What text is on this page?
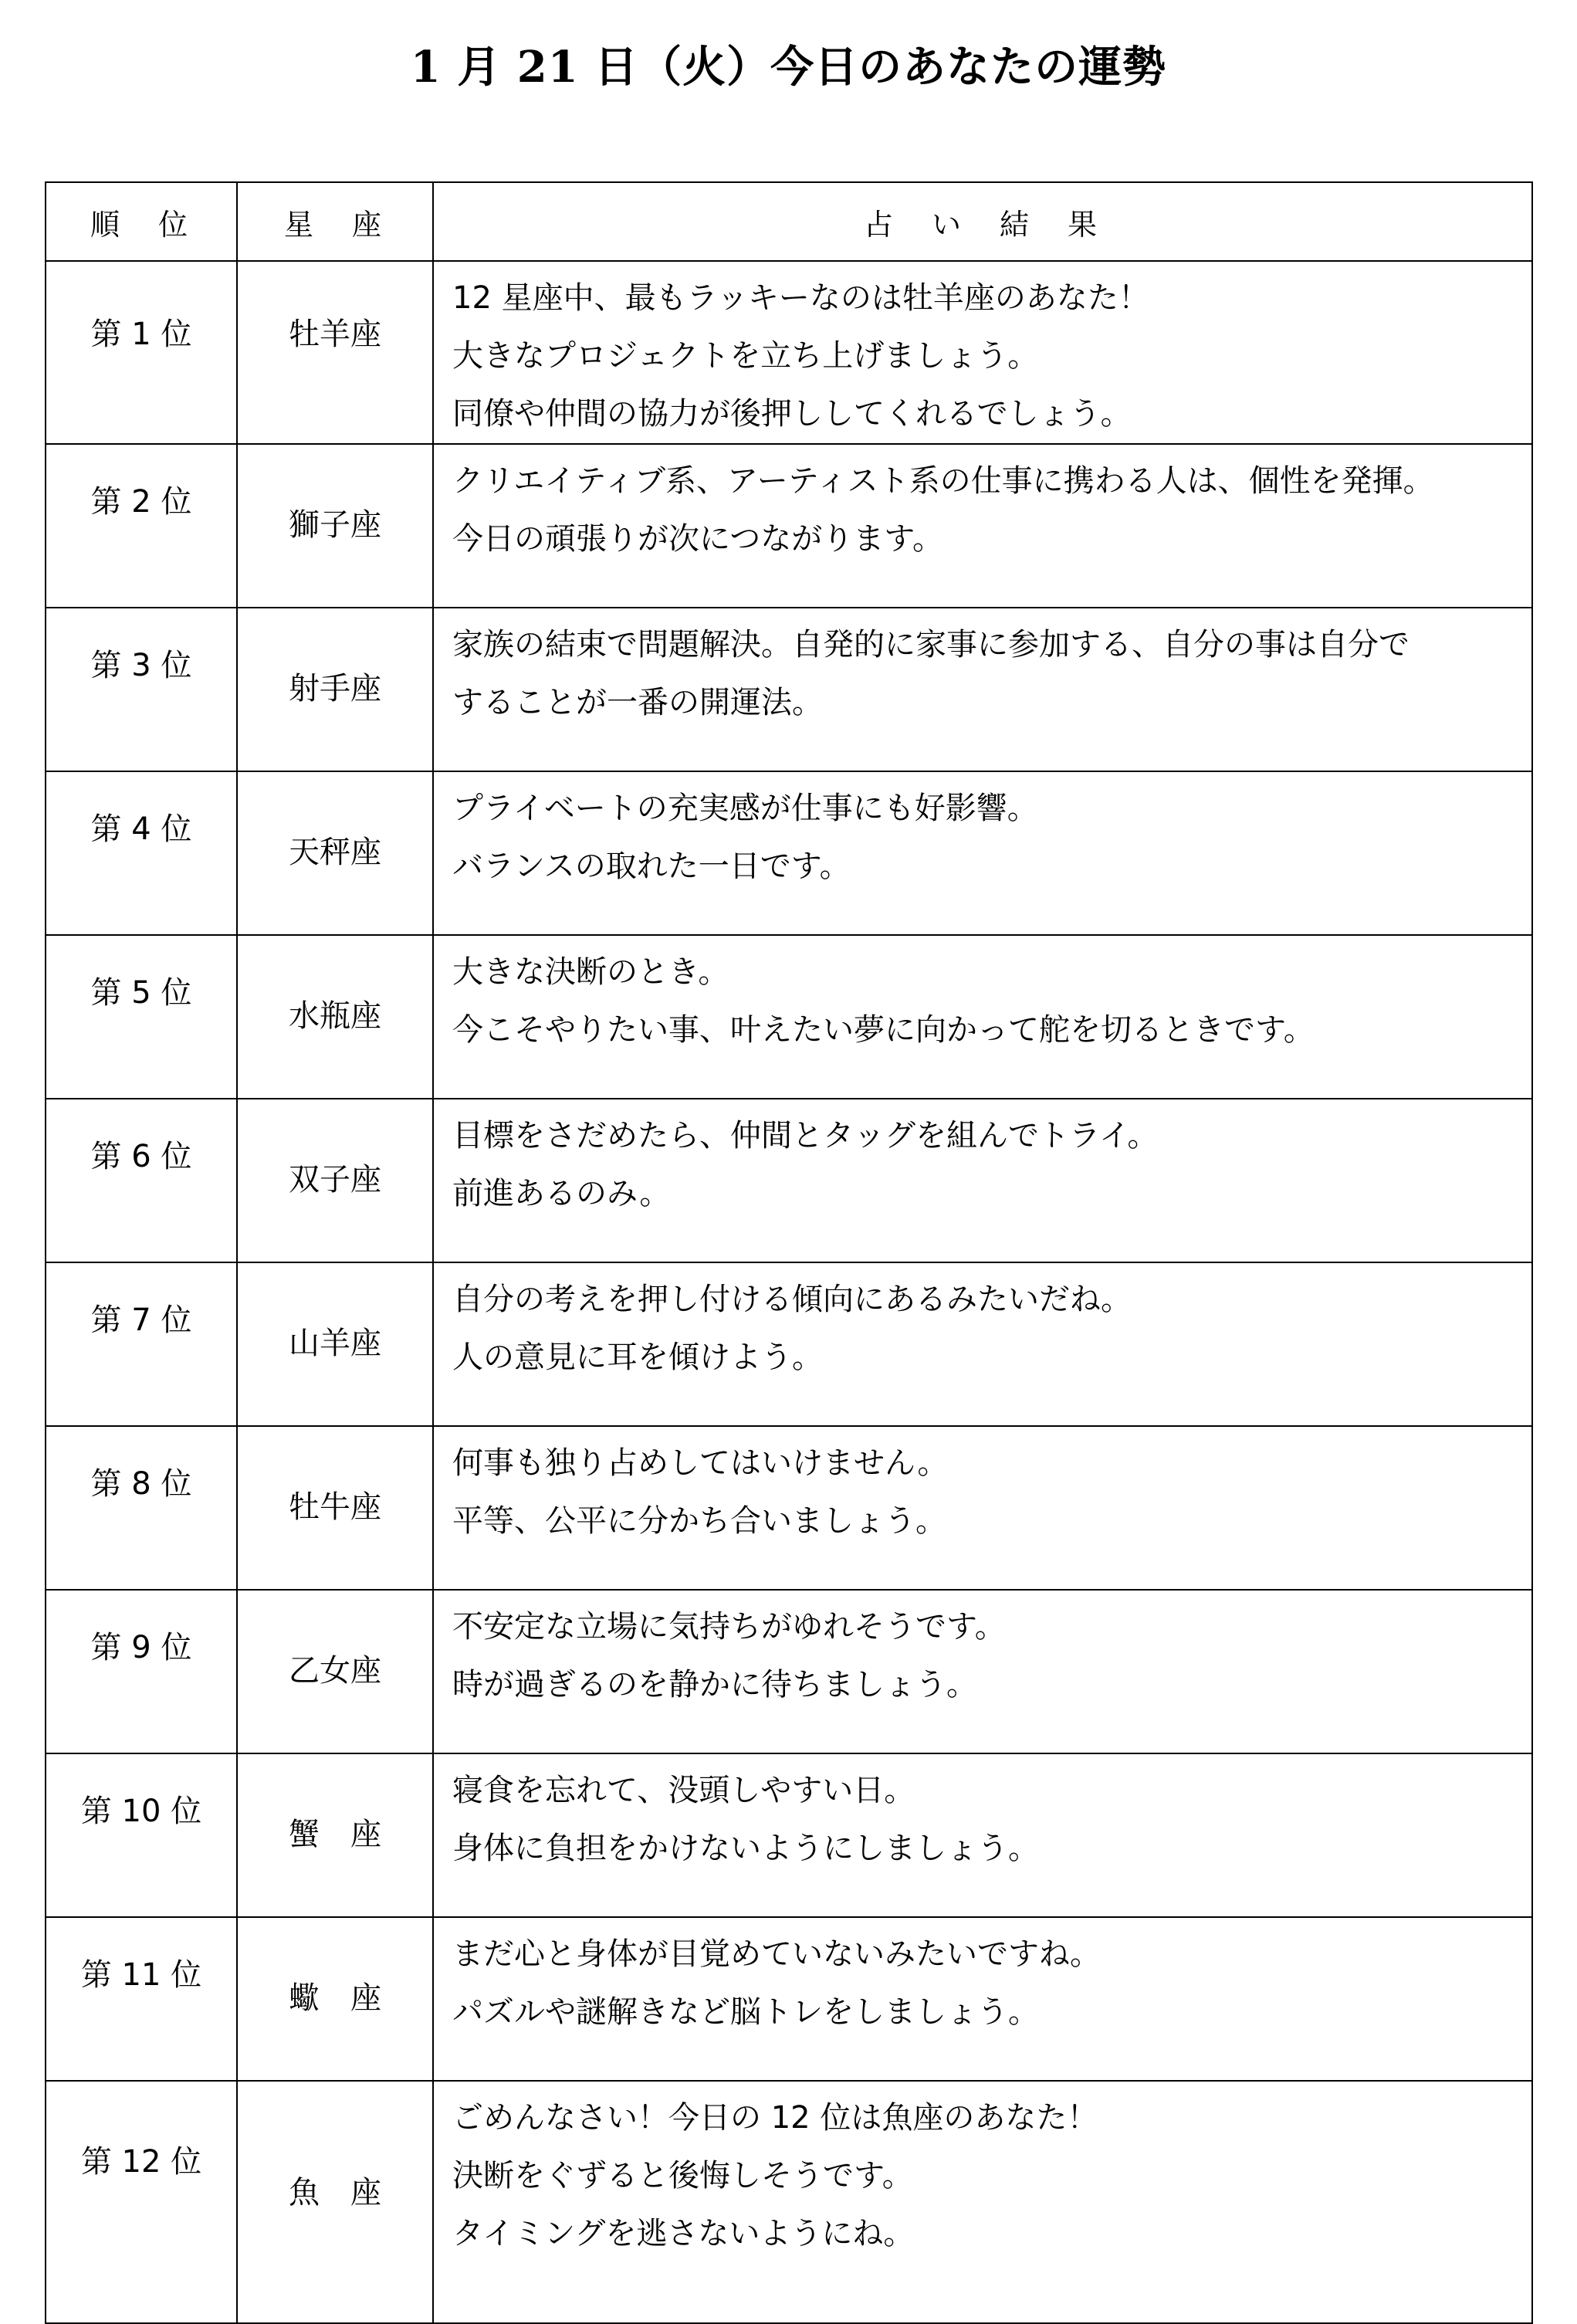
1 月 21 日（火）今日のあなたの運勢
順　位	星　座	占　い　結　果

第 1 位	牡羊座	12 星座中、最もラッキーなのは牡羊座のあなた！
大きなプロジェクトを立ち上げましょう。
同僚や仲間の協力が後押ししてくれるでしょう。

第 2 位	獅子座	クリエイティブ系、アーティスト系の仕事に携わる人は、個性を発揮。
今日の頑張りが次につながります。

第 3 位	射手座	家族の結束で問題解決。自発的に家事に参加する、自分の事は自分で
することが一番の開運法。

第 4 位	天秤座	プライベートの充実感が仕事にも好影響。
バランスの取れた一日です。

第 5 位	水瓶座	大きな決断のとき。
今こそやりたい事、叶えたい夢に向かって舵を切るときです。

第 6 位	双子座	目標をさだめたら、仲間とタッグを組んでトライ。
前進あるのみ。

第 7 位	山羊座	自分の考えを押し付ける傾向にあるみたいだね。
人の意見に耳を傾けよう。

第 8 位	牡牛座	何事も独り占めしてはいけません。
平等、公平に分かち合いましょう。

第 9 位	乙女座	不安定な立場に気持ちがゆれそうです。
時が過ぎるのを静かに待ちましょう。

第 10 位	蟹　座	寝食を忘れて、没頭しやすい日。
身体に負担をかけないようにしましょう。

第 11 位	蠍　座	まだ心と身体が目覚めていないみたいですね。
パズルや謎解きなど脳トレをしましょう。

第 12 位	魚　座	ごめんなさい！今日の 12 位は魚座のあなた！
決断をぐずると後悔しそうです。
タイミングを逃さないようにね。
